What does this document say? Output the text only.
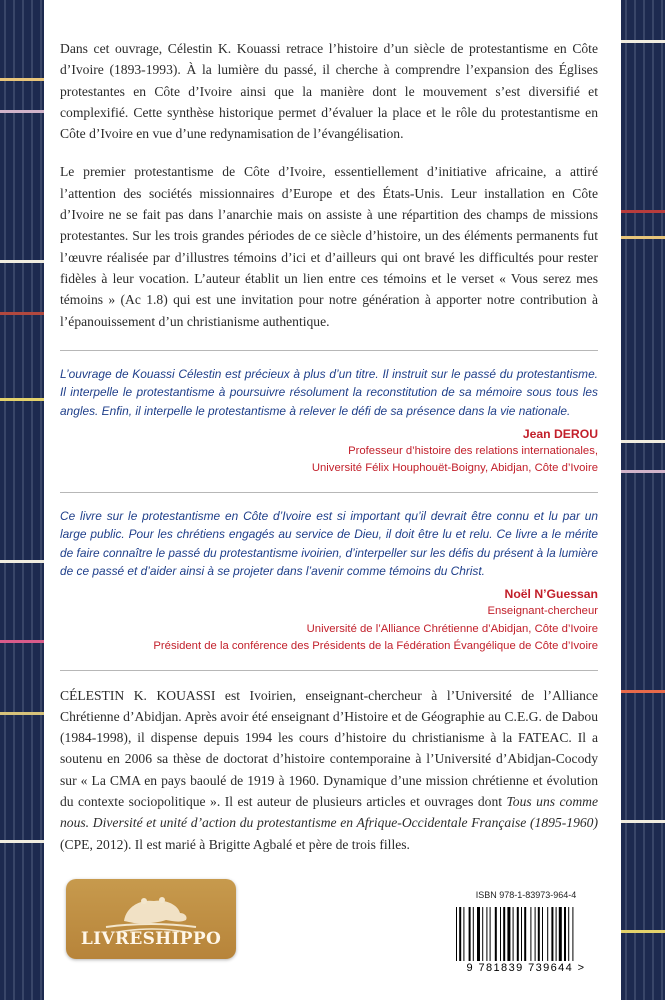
Dans cet ouvrage, Célestin K. Kouassi retrace l’histoire d’un siècle de protestantisme en Côte d’Ivoire (1893-1993). À la lumière du passé, il cherche à comprendre l’expansion des Églises protestantes en Côte d’Ivoire ainsi que la manière dont le mouvement s’est diversifié et complexifié. Cette synthèse historique permet d’évaluer la place et le rôle du protestantisme en Côte d’Ivoire en vue d’une redynamisation de l’évangélisation.

Le premier protestantisme de Côte d’Ivoire, essentiellement d’initiative africaine, a attiré l’attention des sociétés missionnaires d’Europe et des États-Unis. Leur installation en Côte d’Ivoire ne se fait pas dans l’anarchie mais on assiste à une répartition des champs de missions protestantes. Sur les trois grandes périodes de ce siècle d’histoire, un des éléments permanents fut l’œuvre réalisée par d’illustres témoins d’ici et d’ailleurs qui ont bravé les difficultés pour rester fidèles à leur vocation. L’auteur établit un lien entre ces témoins et le verset « Vous serez mes témoins » (Ac 1.8) qui est une invitation pour notre génération à apporter notre contribution à l’épanouissement d’un christianisme authentique.

L’ouvrage de Kouassi Célestin est précieux à plus d’un titre. Il instruit sur le passé du protestantisme. Il interpelle le protestantisme à poursuivre résolument la reconstitution de sa mémoire sous tous les angles. Enfin, il interpelle le protestantisme à relever le défi de sa présence dans la vie nationale.

Jean DEROU
Professeur d’histoire des relations internationales,
Université Félix Houphouët-Boigny, Abidjan, Côte d’Ivoire

Ce livre sur le protestantisme en Côte d’Ivoire est si important qu’il devrait être connu et lu par un large public. Pour les chrétiens engagés au service de Dieu, il doit être lu et relu. Ce livre a le mérite de faire connaître le passé du protestantisme ivoirien, d’interpeller sur les défis du présent à la lumière de ce passé et d’aider ainsi à se projeter dans l’avenir comme témoins du Christ.

Noël N’Guessan
Enseignant-chercheur
Université de l’Alliance Chrétienne d’Abidjan, Côte d’Ivoire
Président de la conférence des Présidents de la Fédération Évangélique de Côte d’Ivoire

CÉLESTIN K. KOUASSI est Ivoirien, enseignant-chercheur à l’Université de l’Alliance Chrétienne d’Abidjan. Après avoir été enseignant d’Histoire et de Géographie au C.E.G. de Dabou (1984-1998), il dispense depuis 1994 les cours d’histoire du christianisme à la FATEAC. Il a soutenu en 2006 sa thèse de doctorat d’histoire contemporaine à l’Université d’Abidjan-Cocody sur « La CMA en pays baoulé de 1919 à 1960. Dynamique d’une mission chrétienne et évolution du contexte sociopolitique ». Il est auteur de plusieurs articles et ouvrages dont Tous uns comme nous. Diversité et unité d’action du protestantisme en Afrique-Occidentale Française (1895-1960) (CPE, 2012). Il est marié à Brigitte Agbalé et père de trois filles.

LIVRESHIPPO
ISBN 978-1-83973-964-4
9 781839 739644 >
